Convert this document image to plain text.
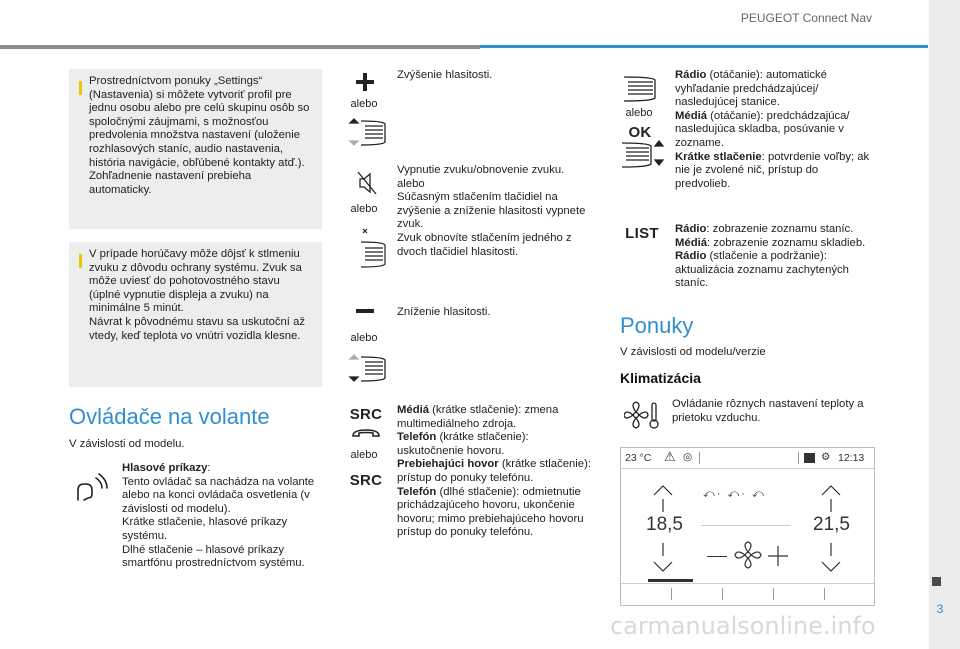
PEUGEOT Connect Nav
3
Prostredníctvom ponuky „Settings“ (Nastavenia) si môžete vytvoriť profil pre jednu osobu alebo pre celú skupinu osôb so spoločnými záujmami, s možnosťou predvolenia množstva nastavení (uloženie rozhlasových staníc, audio nastavenia, história navigácie, obľúbené kontakty atď.). Zohľadnenie nastavení prebieha automaticky.
V prípade horúčavy môže dôjsť k stlmeniu zvuku z dôvodu ochrany systému. Zvuk sa môže uviesť do pohotovostného stavu (úplné vypnutie displeja a zvuku) na minimálne 5 minút.
Návrat k pôvodnému stavu sa uskutoční až vtedy, keď teplota vo vnútri vozidla klesne.
Ovládače na volante
V závislosti od modelu.

Hlasové príkazy:

Tento ovládač sa nachádza na volante alebo na konci ovládača osvetlenia (v závislosti od modelu).

Krátke stlačenie, hlasové príkazy systému.

Dlhé stlačenie – hlasové príkazy smartfónu prostredníctvom systému.

alebo
Zvýšenie hlasitosti.
alebo

Vypnutie zvuku/obnovenie zvuku.

alebo

Súčasným stlačením tlačidiel na zvýšenie a zníženie hlasitosti vypnete zvuk.

Zvuk obnovíte stlačením jedného z dvoch tlačidiel hlasitosti.

alebo
Zníženie hlasitosti.
SRC
alebo
SRC

Médiá (krátke stlačenie): zmena multimediálneho zdroja.

Telefón (krátke stlačenie): uskutočnenie hovoru.

Prebiehajúci hovor (krátke stlačenie): prístup do ponuky telefónu.

Telefón (dlhé stlačenie): odmietnutie prichádzajúceho hovoru, ukončenie hovoru; mimo prebiehajúceho hovoru prístup do ponuky telefónu.

alebo
OK

Rádio (otáčanie): automatické vyhľadanie predchádzajúcej/ nasledujúcej stanice.

Médiá (otáčanie): predchádzajúca/ nasledujúca skladba, posúvanie v zozname.

Krátke stlačenie: potvrdenie voľby; ak nie je zvolené nič, prístup do predvolieb.

LIST Rádio: zobrazenie zoznamu staníc.

Médiá: zobrazenie zoznamu skladieb.

Rádio (stlačenie a podržanie): aktualizácia zoznamu zachytených staníc.

Ponuky
V závislosti od modelu/verzie
Klimatizácia
Ovládanie rôznych nastavení teploty a prietoku vzduchu.
23 °C ⚠ ◎	⚙ 12:13
18,5
⤺· ⤺· ⤺
21,5
carmanualsonline.info
